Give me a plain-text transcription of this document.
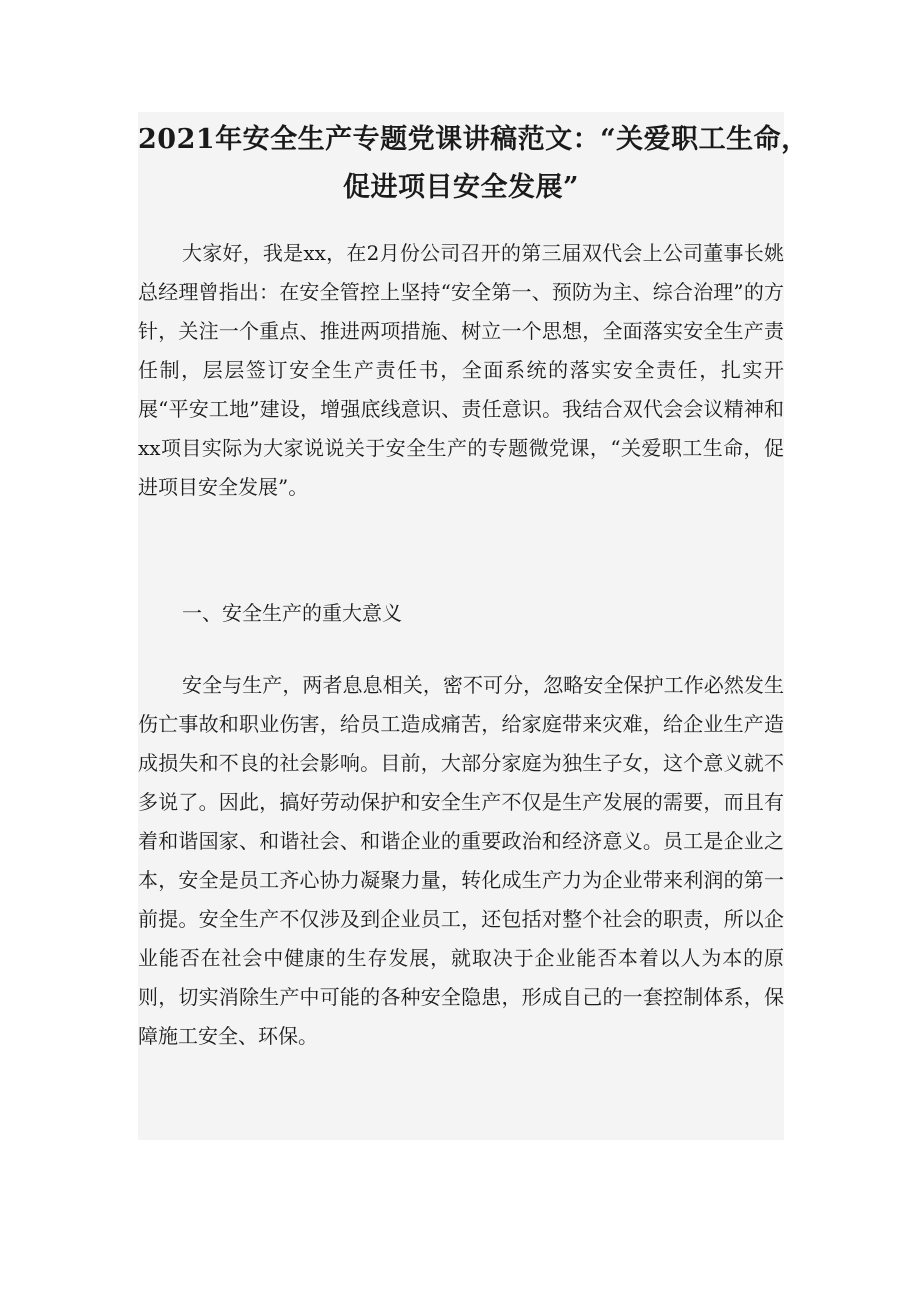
2021年安全生产专题党课讲稿范文：“关爱职工生命，
促进项目安全发展”

大家好，我是xx，在2月份公司召开的第三届双代会上公司董事长姚总经理曾指出：在安全管控上坚持“安全第一、预防为主、综合治理”的方针，关注一个重点、推进两项措施、树立一个思想，全面落实安全生产责任制，层层签订安全生产责任书，全面系统的落实安全责任，扎实开展“平安工地”建设，增强底线意识、责任意识。我结合双代会会议精神和xx项目实际为大家说说关于安全生产的专题微党课，“关爱职工生命，促进项目安全发展”。

一、安全生产的重大意义

安全与生产，两者息息相关，密不可分，忽略安全保护工作必然发生伤亡事故和职业伤害，给员工造成痛苦，给家庭带来灾难，给企业生产造成损失和不良的社会影响。目前，大部分家庭为独生子女，这个意义就不多说了。因此，搞好劳动保护和安全生产不仅是生产发展的需要，而且有着和谐国家、和谐社会、和谐企业的重要政治和经济意义。员工是企业之本，安全是员工齐心协力凝聚力量，转化成生产力为企业带来利润的第一前提。安全生产不仅涉及到企业员工，还包括对整个社会的职责，所以企业能否在社会中健康的生存发展，就取决于企业能否本着以人为本的原则，切实消除生产中可能的各种安全隐患，形成自己的一套控制体系，保障施工安全、环保。
